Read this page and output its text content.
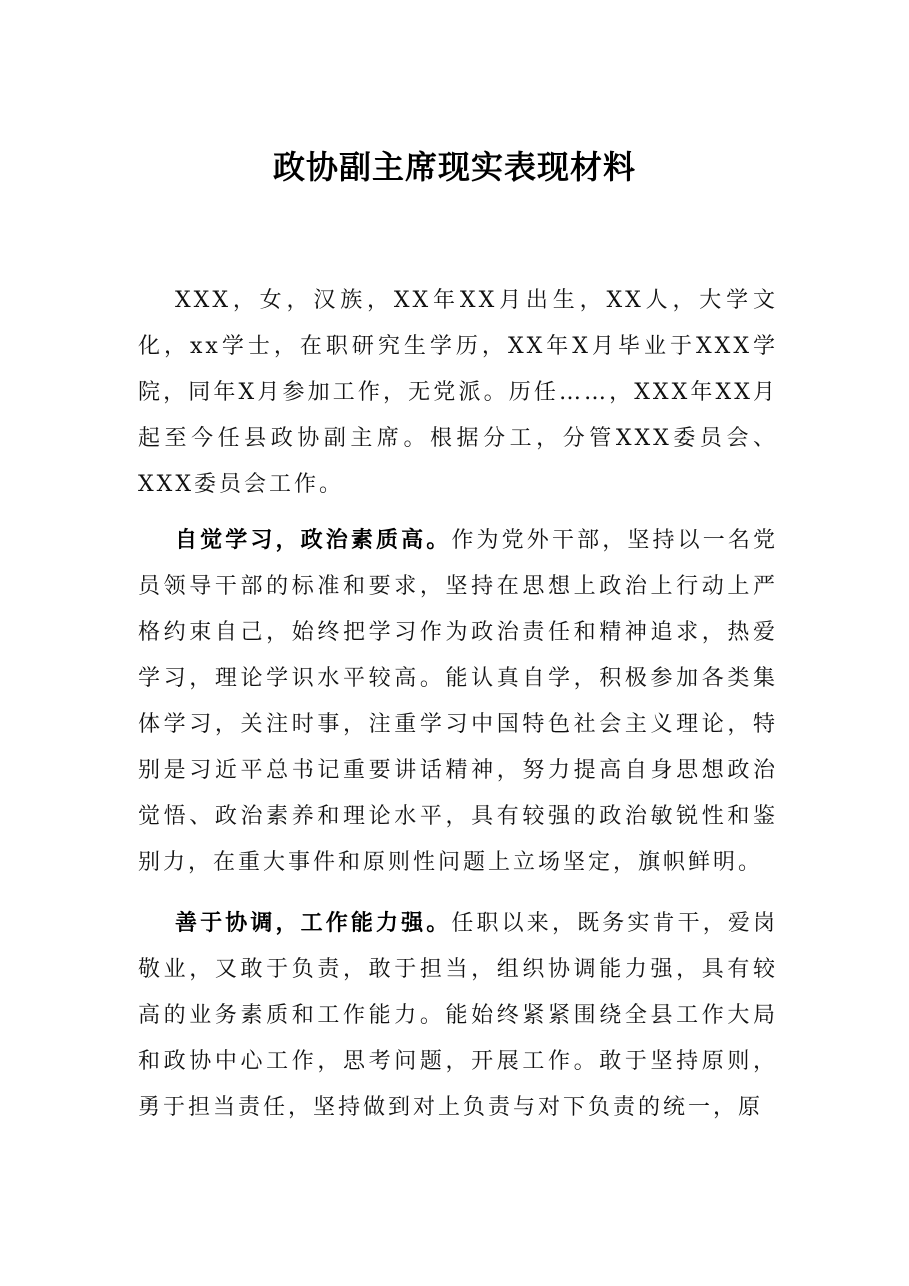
政协副主席现实表现材料

XXX，女，汉族，XX年XX月出生，XX人，大学文化，xx学士，在职研究生学历，XX年X月毕业于XXX学院，同年X月参加工作，无党派。历任……，XXX年XX月起至今任县政协副主席。根据分工，分管XXX委员会、XXX委员会工作。

自觉学习，政治素质高。作为党外干部，坚持以一名党员领导干部的标准和要求，坚持在思想上政治上行动上严格约束自己，始终把学习作为政治责任和精神追求，热爱学习，理论学识水平较高。能认真自学，积极参加各类集体学习，关注时事，注重学习中国特色社会主义理论，特别是习近平总书记重要讲话精神，努力提高自身思想政治觉悟、政治素养和理论水平，具有较强的政治敏锐性和鉴别力，在重大事件和原则性问题上立场坚定，旗帜鲜明。

善于协调，工作能力强。任职以来，既务实肯干，爱岗敬业，又敢于负责，敢于担当，组织协调能力强，具有较高的业务素质和工作能力。能始终紧紧围绕全县工作大局和政协中心工作，思考问题，开展工作。敢于坚持原则，勇于担当责任，坚持做到对上负责与对下负责的统一，原
